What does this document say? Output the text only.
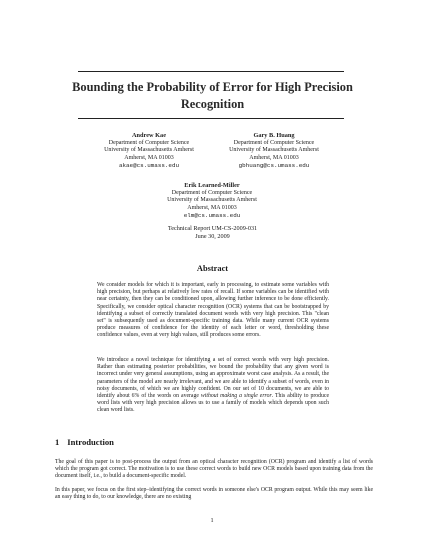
Bounding the Probability of Error for High Precision Recognition
Andrew Kae
Department of Computer Science
University of Massachusetts Amherst
Amherst, MA 01003
akae@cs.umass.edu
Gary B. Huang
Department of Computer Science
University of Massachusetts Amherst
Amherst, MA 01003
gbhuang@cs.umass.edu
Erik Learned-Miller
Department of Computer Science
University of Massachusetts Amherst
Amherst, MA 01003
elm@cs.umass.edu
Technical Report UM-CS-2009-031
June 30, 2009
Abstract
We consider models for which it is important, early in processing, to estimate some variables with high precision, but perhaps at relatively low rates of recall. If some variables can be identified with near certainty, then they can be conditioned upon, allowing further inference to be done efficiently. Specifically, we consider optical character recognition (OCR) systems that can be bootstrapped by identifying a subset of correctly translated document words with very high precision. This "clean set" is subsequently used as document-specific training data. While many current OCR systems produce measures of confidence for the identity of each letter or word, thresholding these confidence values, even at very high values, still produces some errors.
We introduce a novel technique for identifying a set of correct words with very high precision. Rather than estimating posterior probabilities, we bound the probability that any given word is incorrect under very general assumptions, using an approximate worst case analysis. As a result, the parameters of the model are nearly irrelevant, and we are able to identify a subset of words, even in noisy documents, of which we are highly confident. On our set of 10 documents, we are able to identify about 6% of the words on average without making a single error. This ability to produce word lists with very high precision allows us to use a family of models which depends upon such clean word lists.
1 Introduction
The goal of this paper is to post-process the output from an optical character recognition (OCR) program and identify a list of words which the program got correct. The motivation is to use these correct words to build new OCR models based upon training data from the document itself, i.e., to build a document-specific model.
In this paper, we focus on the first step–identifying the correct words in someone else's OCR program output. While this may seem like an easy thing to do, to our knowledge, there are no existing
1
